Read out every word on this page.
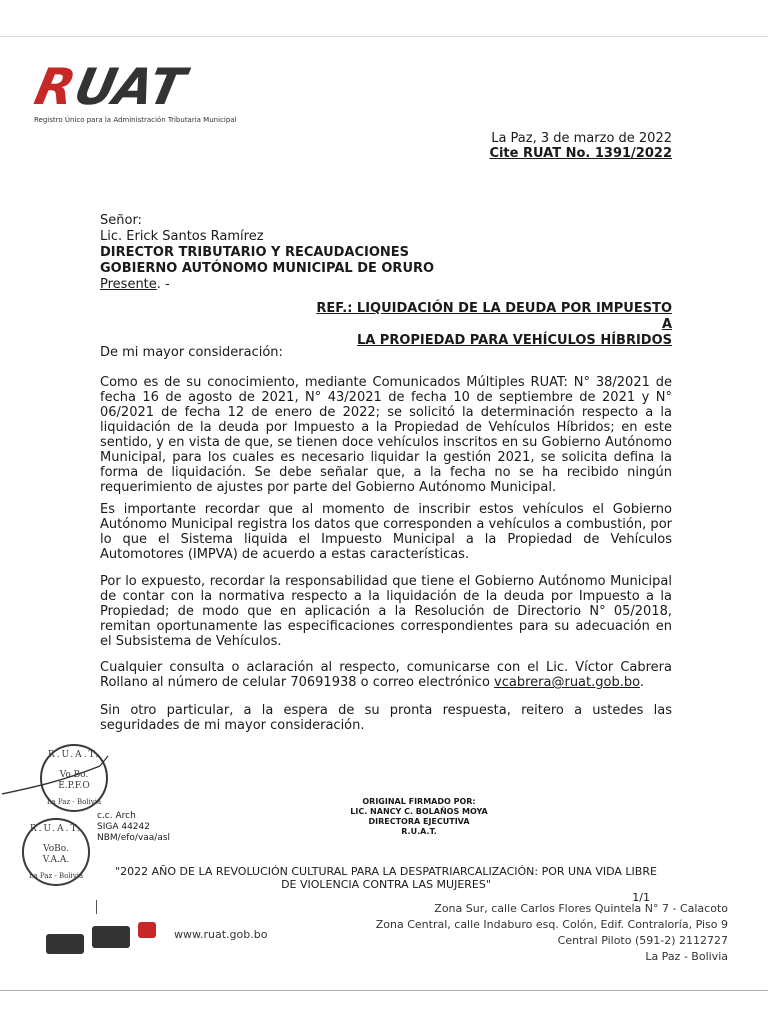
RUAT
Registro Único para la Administración Tributaria Municipal
La Paz, 3 de marzo de 2022
Cite RUAT No. 1391/2022
Señor:
Lic. Erick Santos Ramírez
DIRECTOR TRIBUTARIO Y RECAUDACIONES
GOBIERNO AUTÓNOMO MUNICIPAL DE ORURO
Presente. -
REF.: LIQUIDACIÓN DE LA DEUDA POR IMPUESTO A
LA PROPIEDAD PARA VEHÍCULOS HÍBRIDOS
De mi mayor consideración:
Como es de su conocimiento, mediante Comunicados Múltiples RUAT: N° 38/2021 de fecha 16 de agosto de 2021, N° 43/2021 de fecha 10 de septiembre de 2021 y N° 06/2021 de fecha 12 de enero de 2022; se solicitó la determinación respecto a la liquidación de la deuda por Impuesto a la Propiedad de Vehículos Híbridos; en este sentido, y en vista de que, se tienen doce vehículos inscritos en su Gobierno Autónomo Municipal, para los cuales es necesario liquidar la gestión 2021, se solicita defina la forma de liquidación. Se debe señalar que, a la fecha no se ha recibido ningún requerimiento de ajustes por parte del Gobierno Autónomo Municipal.
Es importante recordar que al momento de inscribir estos vehículos el Gobierno Autónomo Municipal registra los datos que corresponden a vehículos a combustión, por lo que el Sistema liquida el Impuesto Municipal a la Propiedad de Vehículos Automotores (IMPVA) de acuerdo a estas características.
Por lo expuesto, recordar la responsabilidad que tiene el Gobierno Autónomo Municipal de contar con la normativa respecto a la liquidación de la deuda por Impuesto a la Propiedad; de modo que en aplicación a la Resolución de Directorio N° 05/2018, remitan oportunamente las especificaciones correspondientes para su adecuación en el Subsistema de Vehículos.
Cualquier consulta o aclaración al respecto, comunicarse con el Lic. Víctor Cabrera Rollano al número de celular 70691938 o correo electrónico vcabrera@ruat.gob.bo.
Sin otro particular, a la espera de su pronta respuesta, reitero a ustedes las seguridades de mi mayor consideración.
R.U.A.T.
Vo.Bo.
E.P.F.O
La Paz - Bolivia
R.U.A.T.
VoBo.
V.A.A.
La Paz - Bolivia
c.c. Arch
SIGA 44242
NBM/efo/vaa/asl
ORIGINAL FIRMADO POR:
LIC. NANCY C. BOLAÑOS MOYA
DIRECTORA EJECUTIVA
R.U.A.T.
"2022 AÑO DE LA REVOLUCIÓN CULTURAL PARA LA DESPATRIARCALIZACIÓN: POR UNA VIDA LIBRE
DE VIOLENCIA CONTRA LAS MUJERES"
1/1
www.ruat.gob.bo
Zona Sur, calle Carlos Flores Quintela N° 7 - Calacoto
Zona Central, calle Indaburo esq. Colón, Edif. Contraloría, Piso 9
Central Piloto (591-2) 2112727
La Paz - Bolivia
